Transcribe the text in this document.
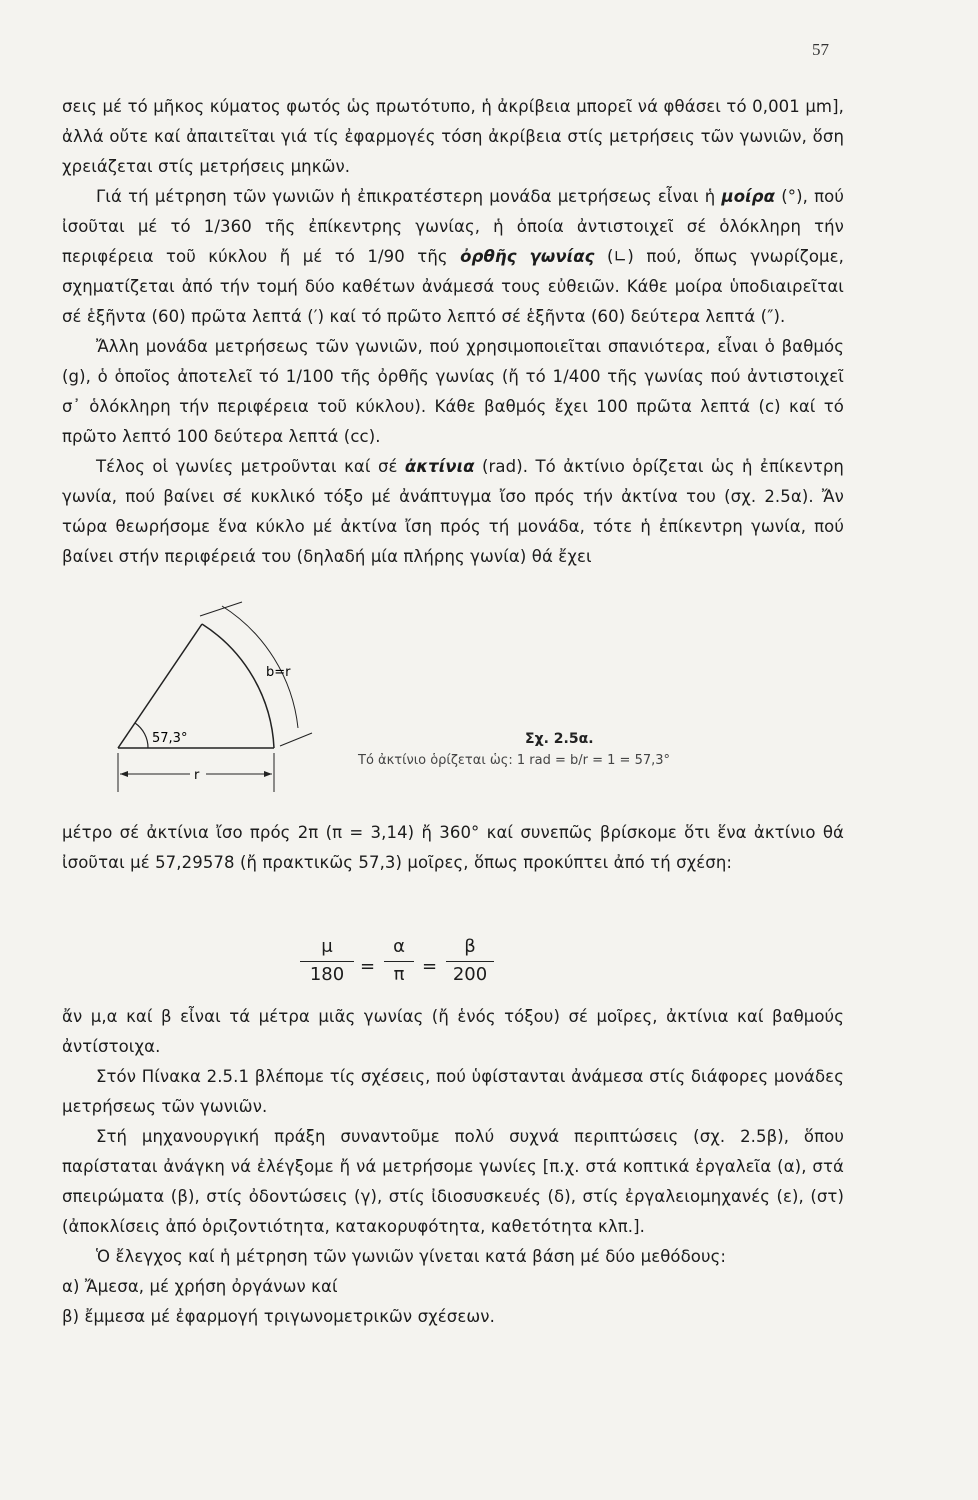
57

σεις μέ τό μῆκος κύματος φωτός ὡς πρωτότυπο, ἡ ἀκρίβεια μπορεῖ νά φθάσει τό 0,001 μm], ἀλλά οὔτε καί ἀπαιτεῖται γιά τίς ἐφαρμογές τόση ἀκρίβεια στίς μετρήσεις τῶν γωνιῶν, ὅση χρειάζεται στίς μετρήσεις μηκῶν.

Γιά τή μέτρηση τῶν γωνιῶν ἡ ἐπικρατέστερη μονάδα μετρήσεως εἶναι ἡ μοίρα (°), πού ἰσοῦται μέ τό 1/360 τῆς ἐπίκεντρης γωνίας, ἡ ὁποία ἀντιστοιχεῖ σέ ὁλόκληρη τήν περιφέρεια τοῦ κύκλου ἤ μέ τό 1/90 τῆς ὀρθῆς γωνίας (∟) πού, ὅπως γνωρίζομε, σχηματίζεται ἀπό τήν τομή δύο καθέτων ἀνάμεσά τους εὐθειῶν. Κάθε μοίρα ὑποδιαιρεῖται σέ ἑξῆντα (60) πρῶτα λεπτά (′) καί τό πρῶτο λεπτό σέ ἑξῆντα (60) δεύτερα λεπτά (″).

Ἄλλη μονάδα μετρήσεως τῶν γωνιῶν, πού χρησιμοποιεῖται σπανιότερα, εἶναι ὁ βαθμός (g), ὁ ὁποῖος ἀποτελεῖ τό 1/100 τῆς ὀρθῆς γωνίας (ἤ τό 1/400 τῆς γωνίας πού ἀντιστοιχεῖ σ᾿ ὁλόκληρη τήν περιφέρεια τοῦ κύκλου). Κάθε βαθμός ἔχει 100 πρῶτα λεπτά (c) καί τό πρῶτο λεπτό 100 δεύτερα λεπτά (cc).

Τέλος οἱ γωνίες μετροῦνται καί σέ ἀκτίνια (rad). Τό ἀκτίνιο ὁρίζεται ὡς ἡ ἐπίκεντρη γωνία, πού βαίνει σέ κυκλικό τόξο μέ ἀνάπτυγμα ἴσο πρός τήν ἀκτίνα του (σχ. 2.5α). Ἄν τώρα θεωρήσομε ἕνα κύκλο μέ ἀκτίνα ἴση πρός τή μονάδα, τότε ἡ ἐπίκεντρη γωνία, πού βαίνει στήν περιφέρειά του (δηλαδή μία πλήρης γωνία) θά ἔχει

57,3°
b=r
r
Σχ. 2.5α.
Τό ἀκτίνιο ὁρίζεται ὡς: 1 rad = b/r = 1 = 57,3°

μέτρο σέ ἀκτίνια ἴσο πρός 2π (π = 3,14) ἤ 360° καί συνεπῶς βρίσκομε ὅτι ἕνα ἀκτίνιο θά ἰσοῦται μέ 57,29578 (ἤ πρακτικῶς 57,3) μοῖρες, ὅπως προκύπτει ἀπό τή σχέση:

$\frac{\mu}{180} = \frac{\alpha}{\pi} = \frac{\beta}{200}$

ἄν μ,α καί β εἶναι τά μέτρα μιᾶς γωνίας (ἤ ἑνός τόξου) σέ μοῖρες, ἀκτίνια καί βαθμούς ἀντίστοιχα.

Στόν Πίνακα 2.5.1 βλέπομε τίς σχέσεις, πού ὑφίστανται ἀνάμεσα στίς διάφορες μονάδες μετρήσεως τῶν γωνιῶν.

Στή μηχανουργική πράξη συναντοῦμε πολύ συχνά περιπτώσεις (σχ. 2.5β), ὅπου παρίσταται ἀνάγκη νά ἐλέγξομε ἤ νά μετρήσομε γωνίες [π.χ. στά κοπτικά ἐργαλεῖα (α), στά σπειρώματα (β), στίς ὀδοντώσεις (γ), στίς ἰδιοσυσκευές (δ), στίς ἐργαλειομηχανές (ε), (στ) (ἀποκλίσεις ἀπό ὁριζοντιότητα, κατακορυφότητα, καθετότητα κλπ.].

Ὁ ἔλεγχος καί ἡ μέτρηση τῶν γωνιῶν γίνεται κατά βάση μέ δύο μεθόδους:

α) Ἄμεσα, μέ χρήση ὀργάνων καί

β) ἔμμεσα μέ ἐφαρμογή τριγωνομετρικῶν σχέσεων.
